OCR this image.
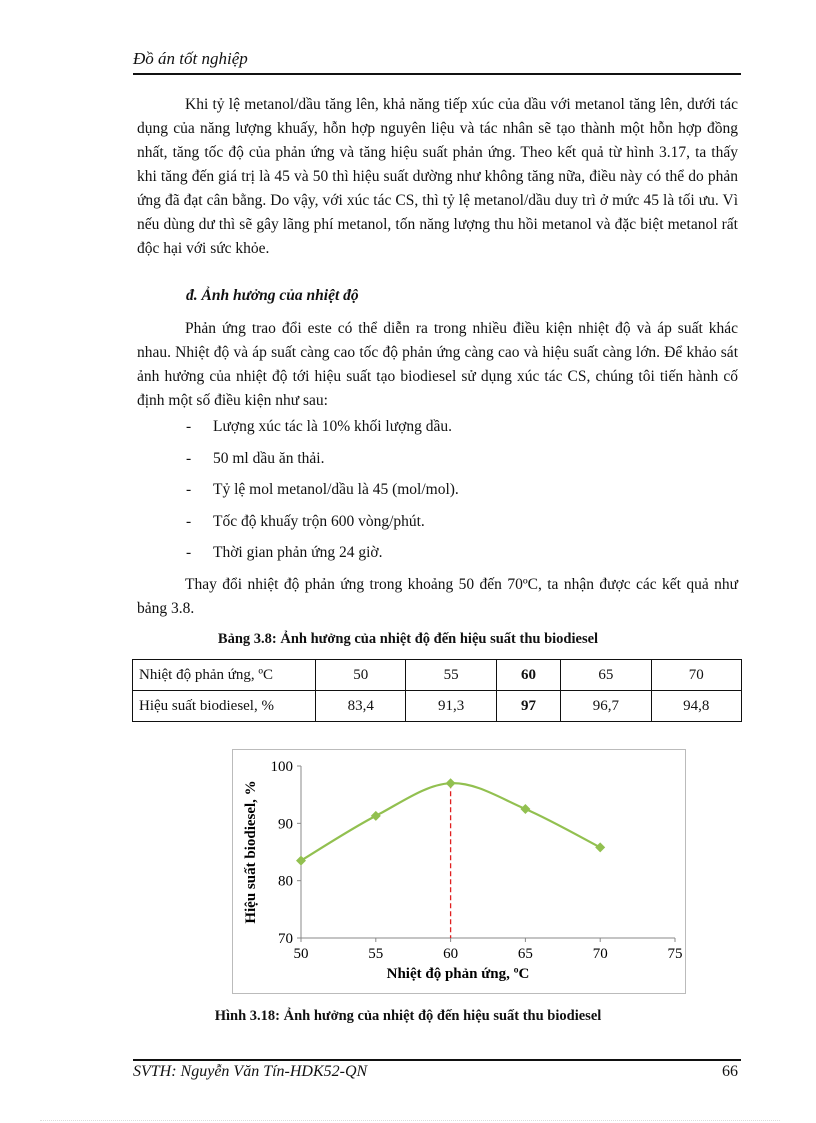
Đồ án tốt nghiệp

Khi tỷ lệ metanol/dầu tăng lên, khả năng tiếp xúc của dầu với metanol tăng lên, dưới tác dụng của năng lượng khuấy, hỗn hợp nguyên liệu và tác nhân sẽ tạo thành một hỗn hợp đồng nhất, tăng tốc độ của phản ứng và tăng hiệu suất phản ứng. Theo kết quả từ hình 3.17, ta thấy khi tăng đến giá trị là 45 và 50 thì hiệu suất dường như không tăng nữa, điều này có thể do phản ứng đã đạt cân bằng. Do vậy, với xúc tác CS, thì tỷ lệ metanol/dầu duy trì ở mức 45 là tối ưu. Vì nếu dùng dư thì sẽ gây lãng phí metanol, tốn năng lượng thu hồi metanol và đặc biệt metanol rất độc hại với sức khỏe.

đ. Ảnh hưởng của nhiệt độ

Phản ứng trao đổi este có thể diễn ra trong nhiều điều kiện nhiệt độ và áp suất khác nhau. Nhiệt độ và áp suất càng cao tốc độ phản ứng càng cao và hiệu suất càng lớn. Để khảo sát ảnh hưởng của nhiệt độ tới hiệu suất tạo biodiesel sử dụng xúc tác CS, chúng tôi tiến hành cố định một số điều kiện như sau:

- Lượng xúc tác là 10% khối lượng dầu.
- 50 ml dầu ăn thải.
- Tỷ lệ mol metanol/dầu là 45 (mol/mol).
- Tốc độ khuấy trộn 600 vòng/phút.
- Thời gian phản ứng 24 giờ.

Thay đổi nhiệt độ phản ứng trong khoảng 50 đến 70ºC, ta nhận được các kết quả như bảng 3.8.

Bảng 3.8: Ảnh hưởng của nhiệt độ đến hiệu suất thu biodiesel
Nhiệt độ phản ứng, ºC	50	55	60	65	70
Hiệu suất biodiesel, %	83,4	91,3	97	96,7	94,8
70
80
90
100
50	55	60	65	70	75
Nhiệt độ phản ứng, ºC
Hiệu suất biodiesel, %
Hình 3.18: Ảnh hưởng của nhiệt độ đến hiệu suất thu biodiesel
SVTH: Nguyễn Văn Tín-HDK52-QN	66
